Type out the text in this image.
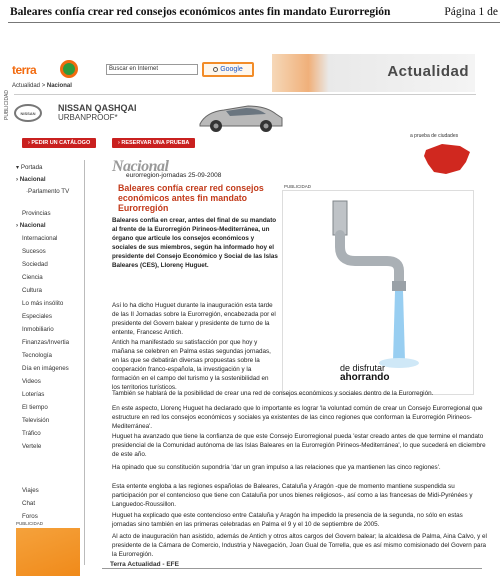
Baleares confía crear red consejos económicos antes fin mandato Eurorregión	Página 1 de
terra
Actualidad > Nacional
Buscar en Internet	Google	Actualidad
PUBLICIDAD	NISSAN	NISSAN QASHQAI
URBANPROOF*
› PEDIR UN CATÁLOGO	› RESERVAR UNA PRUEBA
a prueba de ciudades
▾ Portada
› Nacional
·Parlamento TV
Provincias
› Nacional
Internacional
Sucesos
Sociedad
Ciencia
Cultura
Lo más insólito
Especiales
Inmobiliario
Finanzas/Invertia
Tecnología
Día en imágenes
Videos
Loterías
El tiempo
Televisión
Tráfico
Vertele
Viajes
Chat
Foros
PUBLICIDAD
Nacional
eurorregion-jornadas 25-09-2008
Baleares confía crear red consejos económicos antes fin mandato Eurorregión
PUBLICIDAD
de disfrutar
ahorrando
Baleares confía en crear, antes del final de su mandato al frente de la Eurorregión Pirineos-Mediterránea, un órgano que articule los consejos económicos y sociales de sus miembros, según ha informado hoy el presidente del Consejo Económico y Social de las Islas Baleares (CES), Llorenç Huguet.
Así lo ha dicho Huguet durante la inauguración esta tarde de las II Jornadas sobre la Eurorregión, encabezada por el presidente del Govern balear y presidente de turno de la entente, Francesc Antich.
Antich ha manifestado su satisfacción por que hoy y mañana se celebren en Palma estas segundas jornadas, en las que se debatirán diversas propuestas sobre la cooperación franco-española, la investigación y la formación en el campo del turismo y la sostenibilidad en los territorios turísticos.
También se hablará de la posibilidad de crear una red de consejos económicos y sociales dentro de la Eurorregión.
En este aspecto, Llorenç Huguet ha declarado que lo importante es lograr 'la voluntad común de crear un Consejo Eurorregional que estructure en red los consejos económicos y sociales ya existentes de las cinco regiones que conforman la Eurorregión Pirineos-Mediterránea'.
Huguet ha avanzado que tiene la confianza de que este Consejo Eurorregional pueda 'estar creado antes de que termine el mandato presidencial de la Comunidad autónoma de las Islas Baleares en la Eurorregión Pirineos-Mediterránea', lo que sucederá en diciembre de este año.
Ha opinado que su constitución supondría 'dar un gran impulso a las relaciones que ya mantienen las cinco regiones'.
Esta entente engloba a las regiones españolas de Baleares, Cataluña y Aragón -que de momento mantiene suspendida su participación por el contencioso que tiene con Cataluña por unos bienes religiosos-, así como a las francesas de Midi-Pyrénées y Languedoc-Roussillon.
Huguet ha explicado que este contencioso entre Cataluña y Aragón ha impedido la presencia de la segunda, no sólo en estas jornadas sino también en las primeras celebradas en Palma el 9 y el 10 de septiembre de 2005.
Al acto de inauguración han asistido, además de Antich y otros altos cargos del Govern balear; la alcaldesa de Palma, Aina Calvo, y el presidente de la Cámara de Comercio, Industria y Navegación, Joan Gual de Torrella, que es así mismo comisionado del Govern para la Eurorregión.
Terra Actualidad - EFE
